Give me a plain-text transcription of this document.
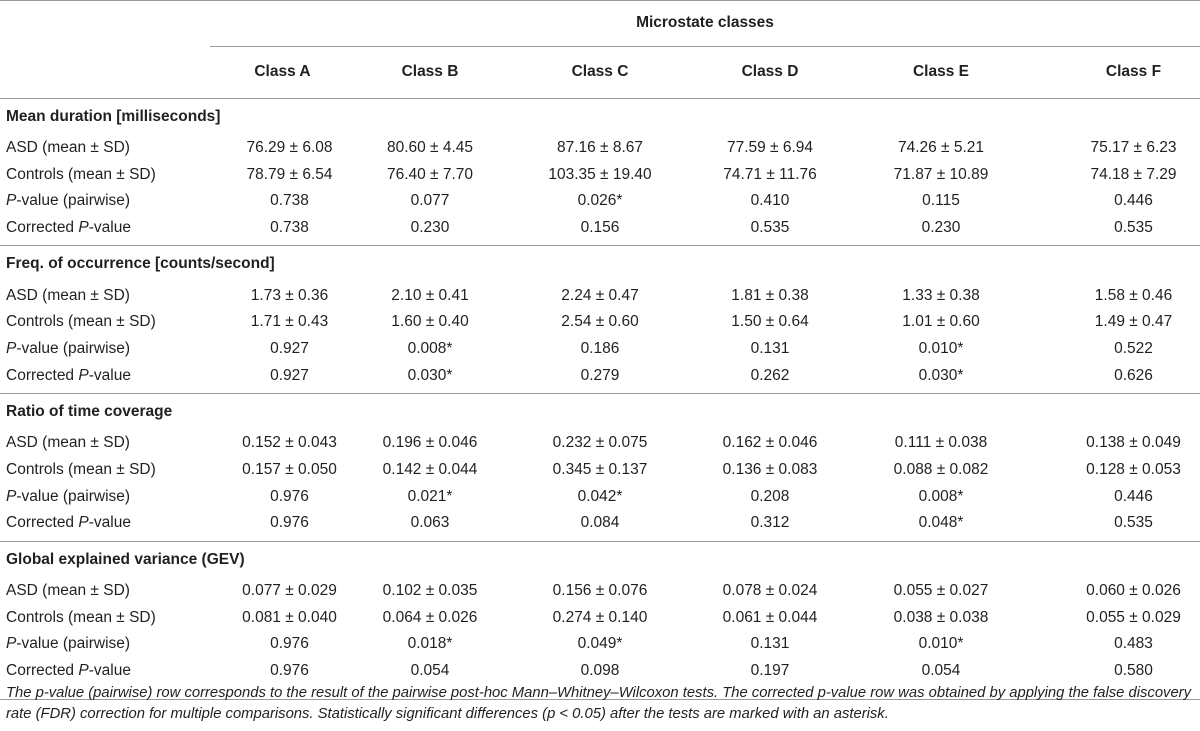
	Microstate classes					
	Class A	Class B	Class C	Class D	Class E	Class F
Mean duration [milliseconds]						
ASD (mean ± SD)	76.29 ± 6.08	80.60 ± 4.45	87.16 ± 8.67	77.59 ± 6.94	74.26 ± 5.21	75.17 ± 6.23
Controls (mean ± SD)	78.79 ± 6.54	76.40 ± 7.70	103.35 ± 19.40	74.71 ± 11.76	71.87 ± 10.89	74.18 ± 7.29
P-value (pairwise)	0.738	0.077	0.026*	0.410	0.115	0.446
Corrected P-value	0.738	0.230	0.156	0.535	0.230	0.535
Freq. of occurrence [counts/second]						
ASD (mean ± SD)	1.73 ± 0.36	2.10 ± 0.41	2.24 ± 0.47	1.81 ± 0.38	1.33 ± 0.38	1.58 ± 0.46
Controls (mean ± SD)	1.71 ± 0.43	1.60 ± 0.40	2.54 ± 0.60	1.50 ± 0.64	1.01 ± 0.60	1.49 ± 0.47
P-value (pairwise)	0.927	0.008*	0.186	0.131	0.010*	0.522
Corrected P-value	0.927	0.030*	0.279	0.262	0.030*	0.626
Ratio of time coverage						
ASD (mean ± SD)	0.152 ± 0.043	0.196 ± 0.046	0.232 ± 0.075	0.162 ± 0.046	0.111 ± 0.038	0.138 ± 0.049
Controls (mean ± SD)	0.157 ± 0.050	0.142 ± 0.044	0.345 ± 0.137	0.136 ± 0.083	0.088 ± 0.082	0.128 ± 0.053
P-value (pairwise)	0.976	0.021*	0.042*	0.208	0.008*	0.446
Corrected P-value	0.976	0.063	0.084	0.312	0.048*	0.535
Global explained variance (GEV)						
ASD (mean ± SD)	0.077 ± 0.029	0.102 ± 0.035	0.156 ± 0.076	0.078 ± 0.024	0.055 ± 0.027	0.060 ± 0.026
Controls (mean ± SD)	0.081 ± 0.040	0.064 ± 0.026	0.274 ± 0.140	0.061 ± 0.044	0.038 ± 0.038	0.055 ± 0.029
P-value (pairwise)	0.976	0.018*	0.049*	0.131	0.010*	0.483
Corrected P-value	0.976	0.054	0.098	0.197	0.054	0.580

The p-value (pairwise) row corresponds to the result of the pairwise post-hoc Mann–Whitney–Wilcoxon tests. The corrected p-value row was obtained by applying the false discovery rate (FDR) correction for multiple comparisons. Statistically significant differences (p < 0.05) after the tests are marked with an asterisk.
